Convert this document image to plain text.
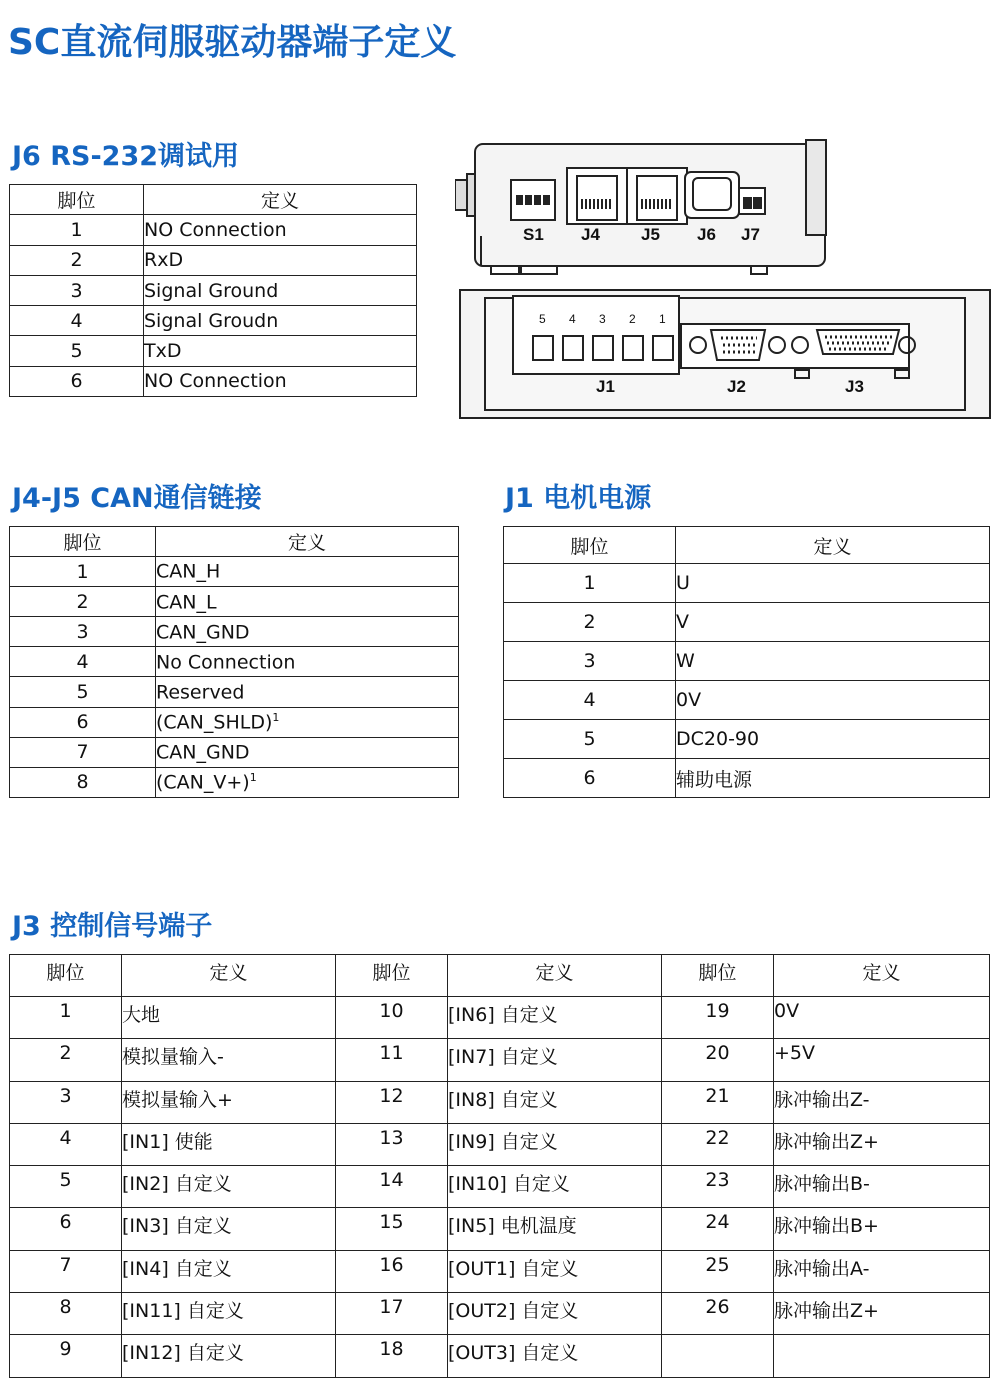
SC直流伺服驱动器端子定义
J6 RS-232调试用
脚位	定义
1	NO Connection
2	RxD
3	Signal Ground
4	Signal Groudn
5	TxD
6	NO Connection
S1 J4 J5 J6 J7
J1	J2	J3
5 4 3 2 1
J4-J5 CAN通信链接
脚位	定义
1	CAN_H
2	CAN_L
3	CAN_GND
4	No Connection
5	Reserved
6	(CAN_SHLD)$^1$
7	CAN_GND
8	(CAN_V+)$^1$
J1 电机电源
脚位	定义
1	U
2	V
3	W
4	0V
5	DC20-90
6	辅助电源
J3 控制信号端子
脚位	定义	脚位	定义	脚位	定义
1	大地	10	[IN6] 自定义	19	0V
2	模拟量输入-	11	[IN7] 自定义	20	+5V
3	模拟量输入+	12	[IN8] 自定义	21	脉冲输出Z-
4	[IN1] 使能	13	[IN9] 自定义	22	脉冲输出Z+
5	[IN2] 自定义	14	[IN10] 自定义	23	脉冲输出B-
6	[IN3] 自定义	15	[IN5] 电机温度	24	脉冲输出B+
7	[IN4] 自定义	16	[OUT1] 自定义	25	脉冲输出A-
8	[IN11] 自定义	17	[OUT2] 自定义	26	脉冲输出Z+
9	[IN12] 自定义	18	[OUT3] 自定义		
